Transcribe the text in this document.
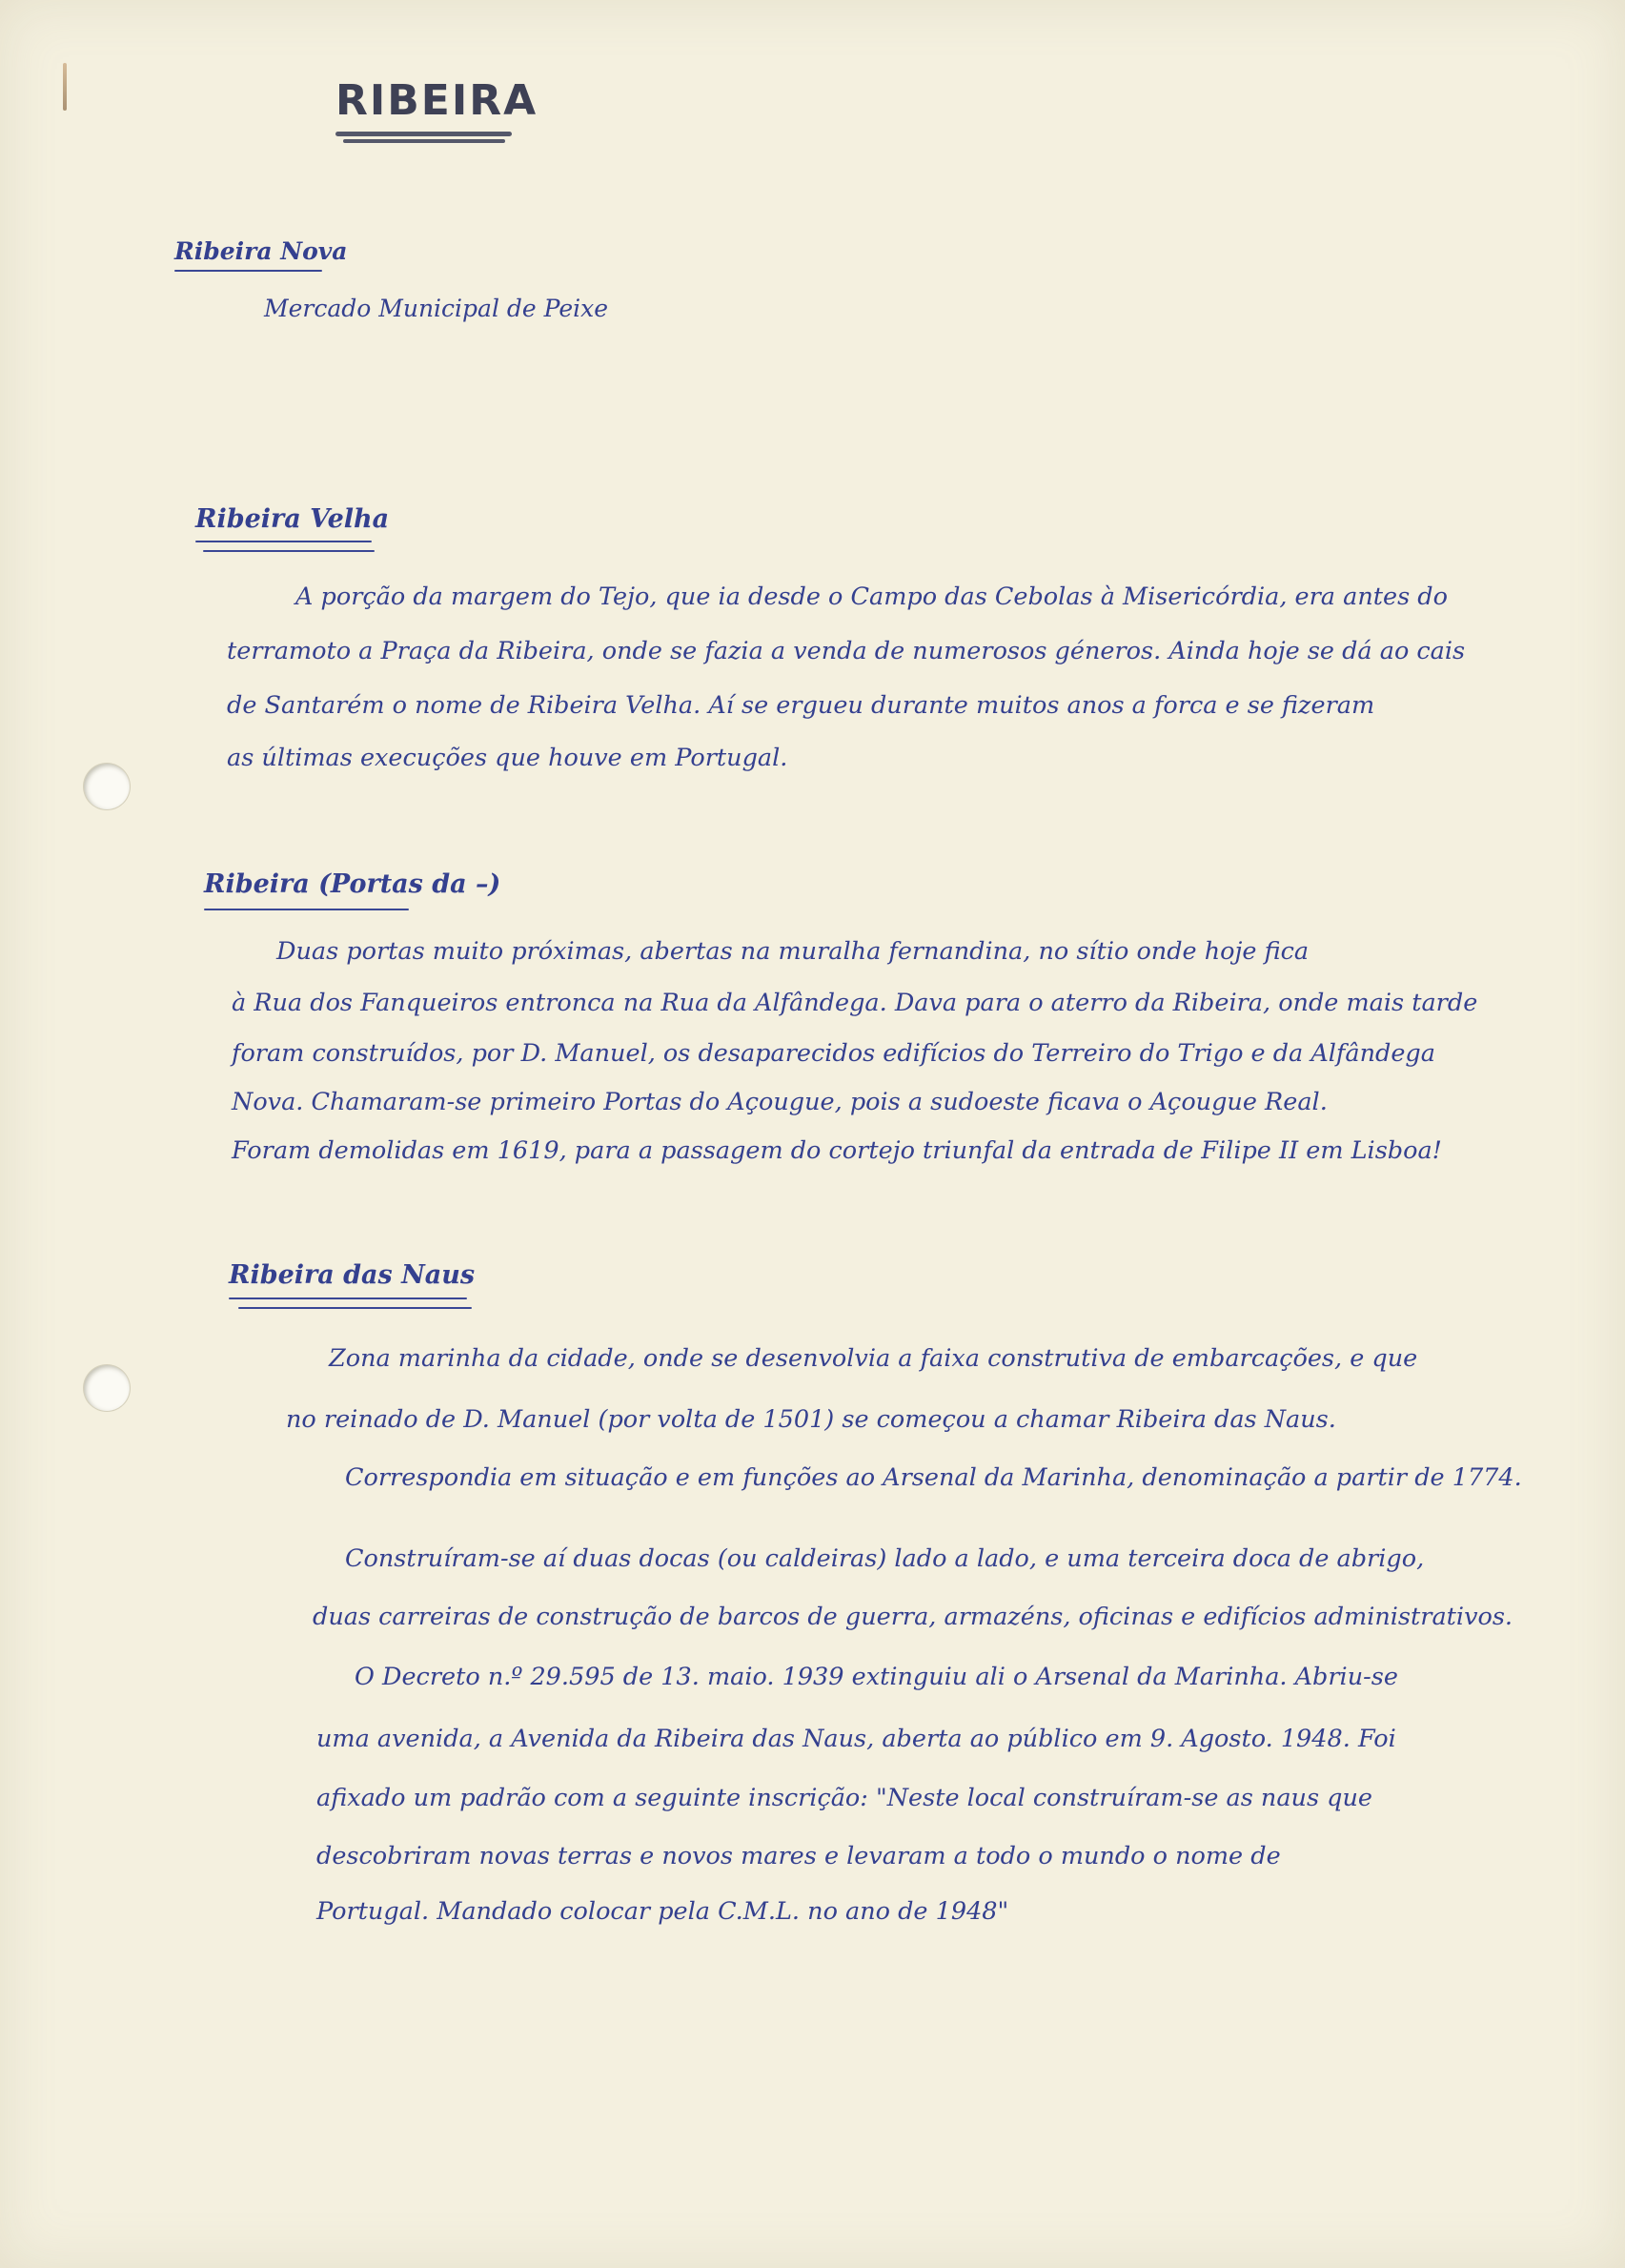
RIBEIRA
Ribeira Nova

Mercado Municipal de Peixe

Ribeira Velha

A porção da margem do Tejo, que ia desde o Campo das Cebolas à Misericórdia, era antes do

terramoto a Praça da Ribeira, onde se fazia a venda de numerosos géneros. Ainda hoje se dá ao cais

de Santarém o nome de Ribeira Velha. Aí se ergueu durante muitos anos a forca e se fizeram

as últimas execuções que houve em Portugal.

Ribeira (Portas da –)

Duas portas muito próximas, abertas na muralha fernandina, no sítio onde hoje fica

à Rua dos Fanqueiros entronca na Rua da Alfândega. Dava para o aterro da Ribeira, onde mais tarde

foram construídos, por D. Manuel, os desaparecidos edifícios do Terreiro do Trigo e da Alfândega

Nova. Chamaram-se primeiro Portas do Açougue, pois a sudoeste ficava o Açougue Real.

Foram demolidas em 1619, para a passagem do cortejo triunfal da entrada de Filipe II em Lisboa!

Ribeira das Naus

Zona marinha da cidade, onde se desenvolvia a faixa construtiva de embarcações, e que

no reinado de D. Manuel (por volta de 1501) se começou a chamar Ribeira das Naus.

Correspondia em situação e em funções ao Arsenal da Marinha, denominação a partir de 1774.

Construíram-se aí duas docas (ou caldeiras) lado a lado, e uma terceira doca de abrigo,

duas carreiras de construção de barcos de guerra, armazéns, oficinas e edifícios administrativos.

O Decreto n.º 29.595 de 13. maio. 1939 extinguiu ali o Arsenal da Marinha. Abriu-se

uma avenida, a Avenida da Ribeira das Naus, aberta ao público em 9. Agosto. 1948. Foi

afixado um padrão com a seguinte inscrição: "Neste local construíram-se as naus que

descobriram novas terras e novos mares e levaram a todo o mundo o nome de

Portugal. Mandado colocar pela C.M.L. no ano de 1948"
